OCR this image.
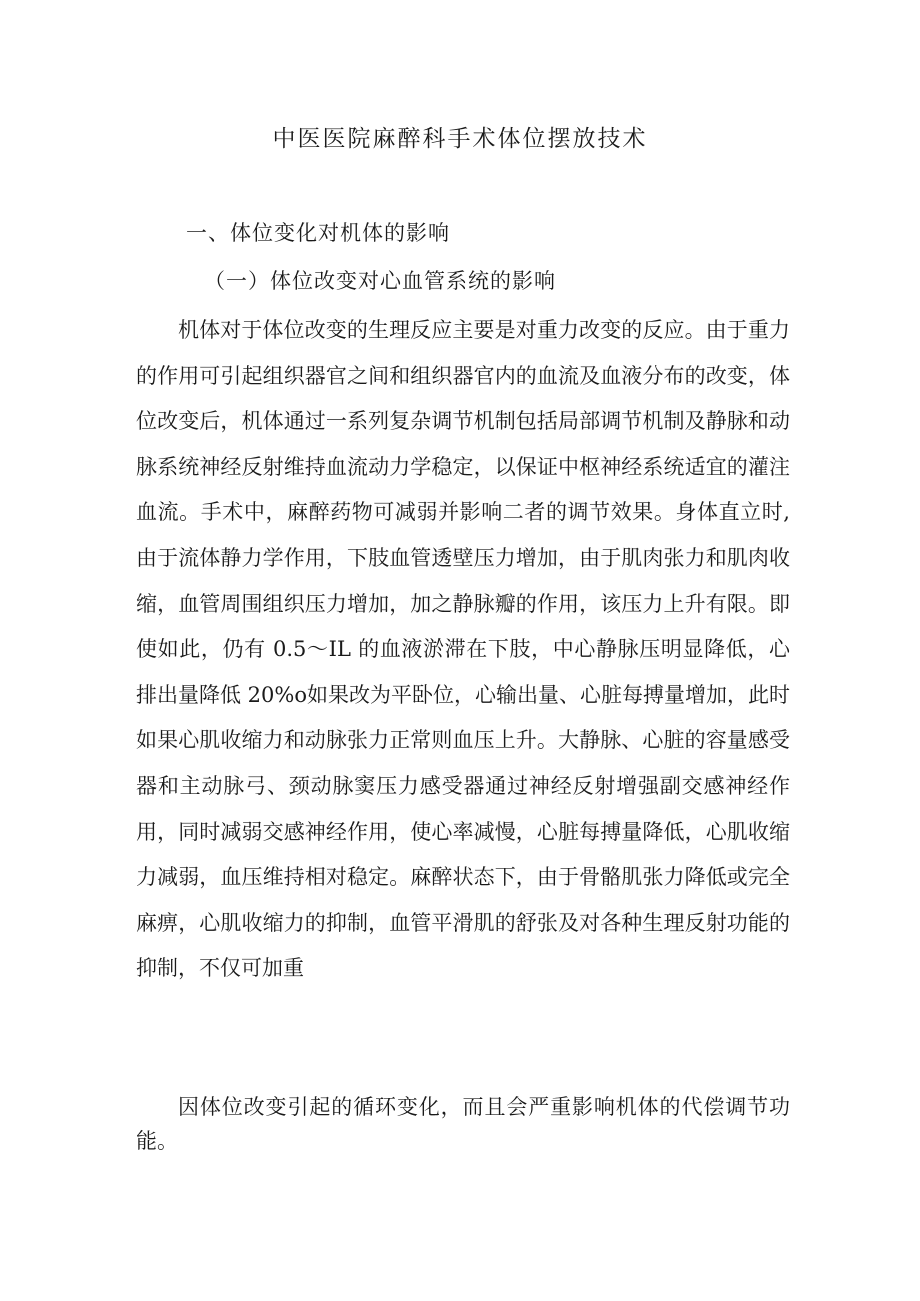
中医医院麻醉科手术体位摆放技术
一、体位变化对机体的影响
（一）体位改变对心血管系统的影响

机体对于体位改变的生理反应主要是对重力改变的反应。由于重力的作用可引起组织器官之间和组织器官内的血流及血液分布的改变，体位改变后，机体通过一系列复杂调节机制包括局部调节机制及静脉和动脉系统神经反射维持血流动力学稳定，以保证中枢神经系统适宜的灌注血流。手术中，麻醉药物可减弱并影响二者的调节效果。身体直立时,由于流体静力学作用，下肢血管透壁压力增加，由于肌肉张力和肌肉收缩，血管周围组织压力增加，加之静脉瓣的作用，该压力上升有限。即使如此，仍有 0.5～IL 的血液淤滞在下肢，中心静脉压明显降低，心排出量降低 20%o如果改为平卧位，心输出量、心脏每搏量增加，此时如果心肌收缩力和动脉张力正常则血压上升。大静脉、心脏的容量感受器和主动脉弓、颈动脉窦压力感受器通过神经反射增强副交感神经作用，同时减弱交感神经作用，使心率减慢，心脏每搏量降低，心肌收缩力减弱，血压维持相对稳定。麻醉状态下，由于骨骼肌张力降低或完全麻痹，心肌收缩力的抑制，血管平滑肌的舒张及对各种生理反射功能的抑制，不仅可加重

因体位改变引起的循环变化，而且会严重影响机体的代偿调节功能。
